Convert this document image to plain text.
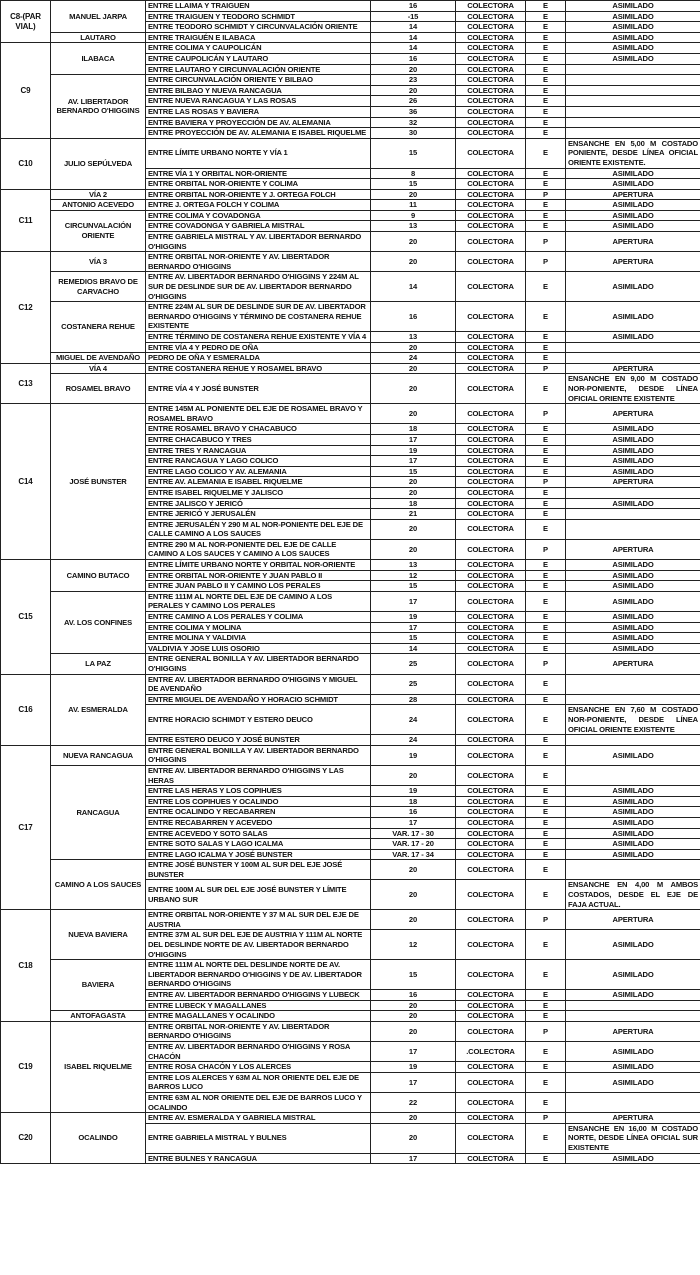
C8-(PAR VIAL)	MANUEL JARPA	ENTRE LLAIMA Y TRAIGUEN	16	COLECTORA	E	ASIMILADO
		ENTRE TRAIGUEN Y TEODORO SCHMIDT	-15	COLECTORA	E	ASIMILADO
		ENTRE TEODORO SCHMIDT Y CIRCUNVALACIÓN ORIENTE	14	COLECTORA	E	ASIMILADO
	LAUTARO	ENTRE TRAIGUÉN E ILABACA	14	COLECTORA	E	ASIMILADO
C9	ILABACA	ENTRE COLIMA Y CAUPOLICÁN	14	COLECTORA	E	ASIMILADO
		ENTRE CAUPOLICÁN Y LAUTARO	16	COLECTORA	E	ASIMILADO
		ENTRE LAUTARO Y CIRCUNVALACIÓN ORIENTE	20	COLECTORA	E	
	AV. LIBERTADOR BERNARDO O'HIGGINS	ENTRE CIRCUNVALACIÓN ORIENTE Y BILBAO	23	COLECTORA	E	
		ENTRE BILBAO Y NUEVA RANCAGUA	20	COLECTORA	E	
		ENTRE NUEVA RANCAGUA Y LAS ROSAS	26	COLECTORA	E	
		ENTRE LAS ROSAS Y BAVIERA	36	COLECTORA	E	
		ENTRE BAVIERA Y PROYECCIÓN DE AV. ALEMANIA	32	COLECTORA	E	
		ENTRE PROYECCIÓN DE AV. ALEMANIA E ISABEL RIQUELME	30	COLECTORA	E	
C10	JULIO SEPÚLVEDA	ENTRE LÍMITE URBANO NORTE Y VÍA 1	15	COLECTORA	E	ENSANCHE EN 5,00 M COSTADO PONIENTE, DESDE LÍNEA OFICIAL ORIENTE EXISTENTE.
		ENTRE VÍA 1 Y ORBITAL NOR-ORIENTE	8	COLECTORA	E	ASIMILADO
		ENTRE ORBITAL NOR-ORIENTE Y COLIMA	15	COLECTORA	E	ASIMILADO
C11	VÍA 2	ENTRE ORBITAL NOR-ORIENTE Y J. ORTEGA FOLCH	20	COLECTORA	P	APERTURA
	ANTONIO ACEVEDO	ENTRE J. ORTEGA FOLCH Y COLIMA	11	COLECTORA	E	ASIMILADO
	CIRCUNVALACIÓN ORIENTE	ENTRE COLIMA Y COVADONGA	9	COLECTORA	E	ASIMILADO
		ENTRE COVADONGA Y GABRIELA MISTRAL	13	COLECTORA	E	ASIMILADO
		ENTRE GABRIELA MISTRAL Y AV. LIBERTADOR BERNARDO O'HIGGINS	20	COLECTORA	P	APERTURA
C12	VÍA 3	ENTRE ORBITAL NOR-ORIENTE Y AV. LIBERTADOR BERNARDO O'HIGGINS	20	COLECTORA	P	APERTURA
	REMEDIOS BRAVO DE CARVACHO	ENTRE AV. LIBERTADOR BERNARDO O'HIGGINS Y 224M AL SUR DE DESLINDE SUR DE AV. LIBERTADOR BERNARDO O'HIGGINS	14	COLECTORA	E	ASIMILADO
	COSTANERA REHUE	ENTRE 224M AL SUR DE DESLINDE SUR DE AV. LIBERTADOR BERNARDO O'HIGGINS Y TÉRMINO DE COSTANERA REHUE EXISTENTE	16	COLECTORA	E	ASIMILADO
		ENTRE TÉRMINO DE COSTANERA REHUE EXISTENTE Y VÍA 4	13	COLECTORA	E	ASIMILADO
		ENTRE VÍA 4 Y PEDRO DE OÑA	20	COLECTORA	E	
	MIGUEL DE AVENDAÑO	PEDRO DE OÑA Y ESMERALDA	24	COLECTORA	E	
C13	VÍA 4	ENTRE COSTANERA REHUE Y ROSAMEL BRAVO	20	COLECTORA	P	APERTURA
	ROSAMEL BRAVO	ENTRE VÍA 4 Y JOSÉ BUNSTER	20	COLECTORA	E	ENSANCHE EN 9,00 M COSTADO NOR-PONIENTE, DESDE LÍNEA OFICIAL ORIENTE EXISTENTE
C14	JOSÉ BUNSTER	ENTRE 145M AL PONIENTE DEL EJE DE ROSAMEL BRAVO Y ROSAMEL BRAVO	20	COLECTORA	P	APERTURA
		ENTRE ROSAMEL BRAVO Y CHACABUCO	18	COLECTORA	E	ASIMILADO
		ENTRE CHACABUCO Y TRES	17	COLECTORA	E	ASIMILADO
		ENTRE TRES Y RANCAGUA	19	COLECTORA	E	ASIMILADO
		ENTRE RANCAGUA Y LAGO COLICO	17	COLECTORA	E	ASIMILADO
		ENTRE LAGO COLICO Y AV. ALEMANIA	15	COLECTORA	E	ASIMILADO
		ENTRE AV. ALEMANIA E ISABEL RIQUELME	20	COLECTORA	P	APERTURA
		ENTRE ISABEL RIQUELME Y JALISCO	20	COLECTORA	E	
		ENTRE JALISCO Y JERICÓ	18	COLECTORA	E	ASIMILADO
		ENTRE JERICÓ Y JERUSALÉN	21	COLECTORA	E	
		ENTRE JERUSALÉN Y 290 M AL NOR-PONIENTE DEL EJE DE CALLE CAMINO A LOS SAUCES	20	COLECTORA	E	
		ENTRE 290 M AL NOR-PONIENTE DEL EJE DE CALLE CAMINO A LOS SAUCES Y CAMINO A LOS SAUCES	20	COLECTORA	P	APERTURA
C15	CAMINO BUTACO	ENTRE LÍMITE URBANO NORTE Y ORBITAL NOR-ORIENTE	13	COLECTORA	E	ASIMILADO
		ENTRE ORBITAL NOR-ORIENTE Y JUAN PABLO II	12	COLECTORA	E	ASIMILADO
		ENTRE JUAN PABLO II Y CAMINO LOS PERALES	15	COLECTORA	E	ASIMILADO
	AV. LOS CONFINES	ENTRE 111M AL NORTE DEL EJE DE CAMINO A LOS PERALES Y CAMINO LOS PERALES	17	COLECTORA	E	ASIMILADO
		ENTRE CAMINO A LOS PERALES Y COLIMA	19	COLECTORA	E	ASIMILADO
		ENTRE COLIMA Y MOLINA	17	COLECTORA	E	ASIMILADO
		ENTRE MOLINA Y VALDIVIA	15	COLECTORA	E	ASIMILADO
		VALDIVIA Y JOSE LUIS OSORIO	14	COLECTORA	E	ASIMILADO
	LA PAZ	ENTRE GENERAL BONILLA Y AV. LIBERTADOR BERNARDO O'HIGGINS	25	COLECTORA	P	APERTURA
C16	AV. ESMERALDA	ENTRE AV. LIBERTADOR BERNARDO O'HIGGINS Y MIGUEL DE AVENDAÑO	25	COLECTORA	E	
		ENTRE MIGUEL DE AVENDAÑO Y HORACIO SCHMIDT	28	COLECTORA	E	
		ENTRE HORACIO SCHIMDT Y ESTERO DEUCO	24	COLECTORA	E	ENSANCHE EN 7,60 M COSTADO NOR-PONIENTE, DESDE LÍNEA OFICIAL ORIENTE EXISTENTE
		ENTRE ESTERO DEUCO Y JOSÉ BUNSTER	24	COLECTORA	E	
C17	NUEVA RANCAGUA	ENTRE GENERAL BONILLA Y AV. LIBERTADOR BERNARDO O'HIGGINS	19	COLECTORA	E	ASIMILADO
	RANCAGUA	ENTRE AV. LIBERTADOR BERNARDO O'HIGGINS Y LAS HERAS	20	COLECTORA	E	
		ENTRE LAS HERAS Y LOS COPIHUES	19	COLECTORA	E	ASIMILADO
		ENTRE LOS COPIHUES Y OCALINDO	18	COLECTORA	E	ASIMILADO
		ENTRE OCALINDO Y RECABARREN	16	COLECTORA	E	ASIMILADO
		ENTRE RECABARREN Y ACEVEDO	17	COLECTORA	E	ASIMILADO
		ENTRE ACEVEDO Y SOTO SALAS	VAR. 17 - 30	COLECTORA	E	ASIMILADO
		ENTRE SOTO SALAS Y LAGO ICALMA	VAR. 17 - 20	COLECTORA	E	ASIMILADO
		ENTRE LAGO ICALMA Y JOSÉ BUNSTER	VAR. 17 - 34	COLECTORA	E	ASIMILADO
	CAMINO A LOS SAUCES	ENTRE JOSÉ BUNSTER Y 100M AL SUR DEL EJE JOSÉ BUNSTER	20	COLECTORA	E	
		ENTRE 100M AL SUR DEL EJE JOSÉ BUNSTER Y LÍMITE URBANO SUR	20	COLECTORA	E	ENSANCHE EN 4,00 M AMBOS COSTADOS, DESDE EL EJE DE FAJA ACTUAL.
C18	NUEVA BAVIERA	ENTRE ORBITAL NOR-ORIENTE Y 37 M AL SUR DEL EJE DE AUSTRIA	20	COLECTORA	P	APERTURA
		ENTRE 37M AL SUR DEL EJE DE AUSTRIA Y 111M AL NORTE DEL DESLINDE NORTE DE AV. LIBERTADOR BERNARDO O'HIGGINS	12	COLECTORA	E	ASIMILADO
	BAVIERA	ENTRE 111M AL NORTE DEL DESLINDE NORTE DE AV. LIBERTADOR BERNARDO O'HIGGINS Y DE AV. LIBERTADOR BERNARDO O'HIGGINS	15	COLECTORA	E	ASIMILADO
		ENTRE AV. LIBERTADOR BERNARDO O'HIGGINS Y LUBECK	16	COLECTORA	E	ASIMILADO
		ENTRE LUBECK Y MAGALLANES	20	COLECTORA	E	
	ANTOFAGASTA	ENTRE MAGALLANES Y OCALINDO	20	COLECTORA	E	
C19	ISABEL RIQUELME	ENTRE ORBITAL NOR-ORIENTE Y AV. LIBERTADOR BERNARDO O'HIGGINS	20	COLECTORA	P	APERTURA
		ENTRE AV. LIBERTADOR BERNARDO O'HIGGINS Y ROSA CHACÓN	17	.COLECTORA	E	ASIMILADO
		ENTRE ROSA CHACÓN Y LOS ALERCES	19	COLECTORA	E	ASIMILADO
		ENTRE LOS ALERCES Y 63M AL NOR ORIENTE DEL EJE DE BARROS LUCO	17	COLECTORA	E	ASIMILADO
		ENTRE 63M AL NOR ORIENTE DEL EJE DE BARROS LUCO Y OCALINDO	22	COLECTORA	E	
C20	OCALINDO	ENTRE AV. ESMERALDA Y GABRIELA MISTRAL	20	COLECTORA	P	APERTURA
		ENTRE GABRIELA MISTRAL Y BULNES	20	COLECTORA	E	ENSANCHE EN 16,00 M COSTADO NORTE, DESDE LÍNEA OFICIAL SUR EXISTENTE
		ENTRE BULNES Y RANCAGUA	17	COLECTORA	E	ASIMILADO
